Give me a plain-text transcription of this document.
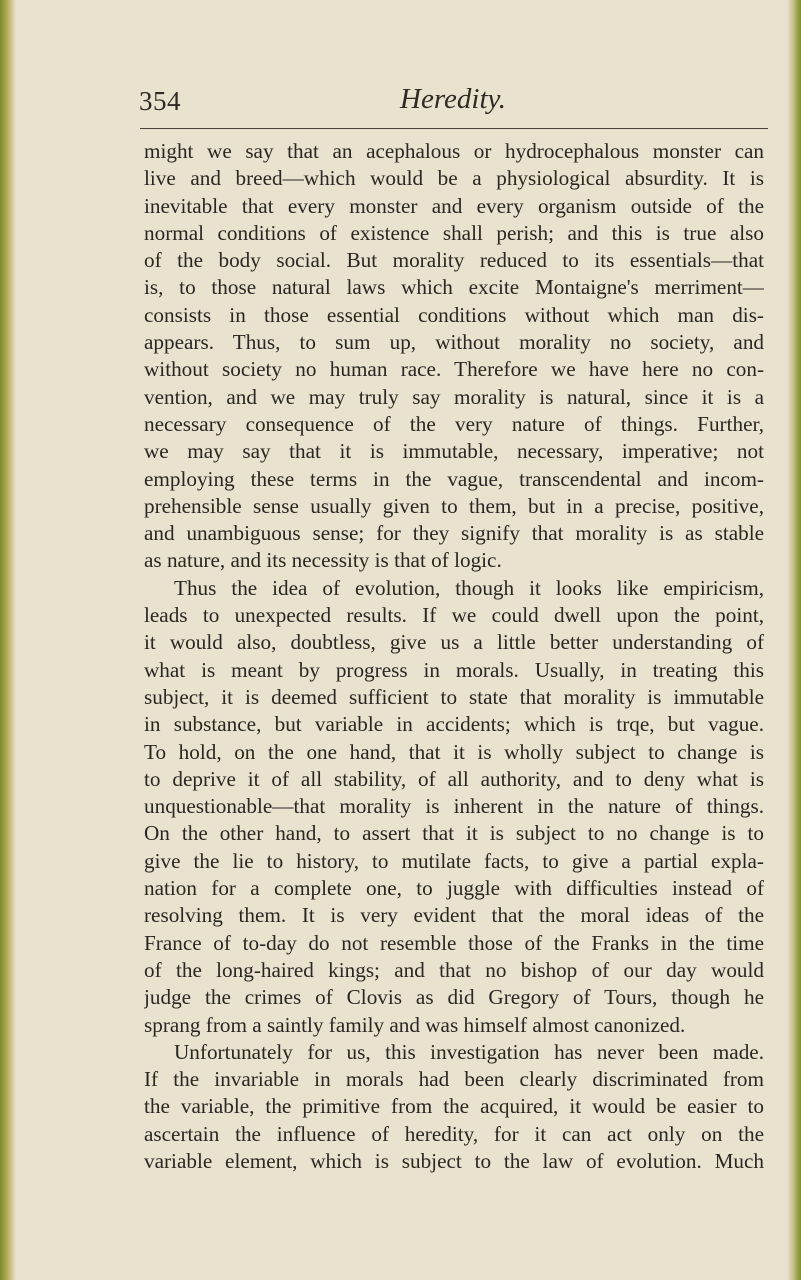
354	Heredity.
might we say that an acephalous or hydrocephalous monster can
live and breed—which would be a physiological absurdity. It is
inevitable that every monster and every organism outside of the
normal conditions of existence shall perish; and this is true also
of the body social. But morality reduced to its essentials—that
is, to those natural laws which excite Montaigne's merriment—
consists in those essential conditions without which man dis-
appears. Thus, to sum up, without morality no society, and
without society no human race. Therefore we have here no con-
vention, and we may truly say morality is natural, since it is a
necessary consequence of the very nature of things. Further,
we may say that it is immutable, necessary, imperative; not
employing these terms in the vague, transcendental and incom-
prehensible sense usually given to them, but in a precise, positive,
and unambiguous sense; for they signify that morality is as stable
as nature, and its necessity is that of logic.
Thus the idea of evolution, though it looks like empiricism,
leads to unexpected results. If we could dwell upon the point,
it would also, doubtless, give us a little better understanding of
what is meant by progress in morals. Usually, in treating this
subject, it is deemed sufficient to state that morality is immutable
in substance, but variable in accidents; which is trqe, but vague.
To hold, on the one hand, that it is wholly subject to change is
to deprive it of all stability, of all authority, and to deny what is
unquestionable—that morality is inherent in the nature of things.
On the other hand, to assert that it is subject to no change is to
give the lie to history, to mutilate facts, to give a partial expla-
nation for a complete one, to juggle with difficulties instead of
resolving them. It is very evident that the moral ideas of the
France of to-day do not resemble those of the Franks in the time
of the long-haired kings; and that no bishop of our day would
judge the crimes of Clovis as did Gregory of Tours, though he
sprang from a saintly family and was himself almost canonized.
Unfortunately for us, this investigation has never been made.
If the invariable in morals had been clearly discriminated from
the variable, the primitive from the acquired, it would be easier to
ascertain the influence of heredity, for it can act only on the
variable element, which is subject to the law of evolution. Much
